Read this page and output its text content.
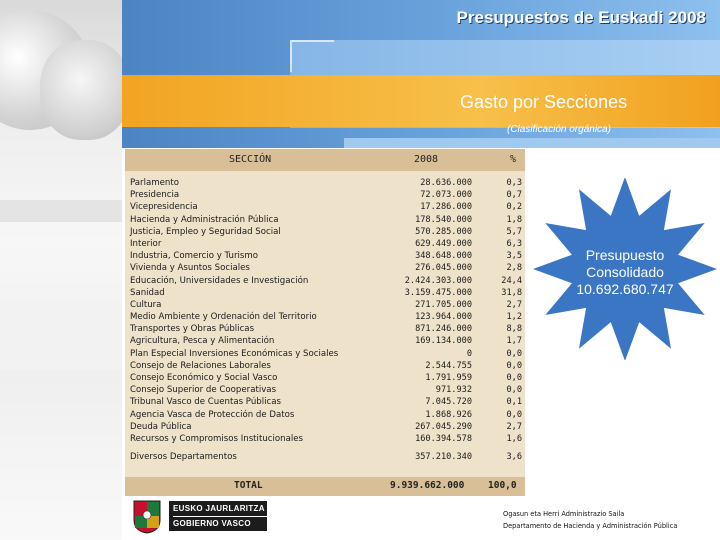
Presupuestos de Euskadi 2008
Gasto por Secciones
(Clasificación orgánica)
SECCIÓN	2008	%
Parlamento	28.636.000	0,3
Presidencia	72.073.000	0,7
Vicepresidencia	17.286.000	0,2
Hacienda y Administración Pública	178.540.000	1,8
Justicia, Empleo y Seguridad Social	570.285.000	5,7
Interior	629.449.000	6,3
Industria, Comercio y Turismo	348.648.000	3,5
Vivienda y Asuntos Sociales	276.045.000	2,8
Educación, Universidades e Investigación	2.424.303.000	24,4
Sanidad	3.159.475.000	31,8
Cultura	271.705.000	2,7
Medio Ambiente y Ordenación del Territorio	123.964.000	1,2
Transportes y Obras Públicas	871.246.000	8,8
Agricultura, Pesca y Alimentación	169.134.000	1,7
Plan Especial Inversiones Económicas y Sociales	0	0,0
Consejo de Relaciones Laborales	2.544.755	0,0
Consejo Económico y Social Vasco	1.791.959	0,0
Consejo Superior de Cooperativas	971.932	0,0
Tribunal Vasco de Cuentas Públicas	7.045.720	0,1
Agencia Vasca de Protección de Datos	1.868.926	0,0
Deuda Pública	267.045.290	2,7
Recursos y Compromisos Institucionales	160.394.578	1,6
Diversos Departamentos	357.210.340	3,6
TOTAL	9.939.662.000 100,0
Presupuesto
Consolidado
10.692.680.747
EUSKO JAURLARITZA
GOBIERNO VASCO
Ogasun eta Herri Administrazio Saila
Departamento de Hacienda y Administración Pública
